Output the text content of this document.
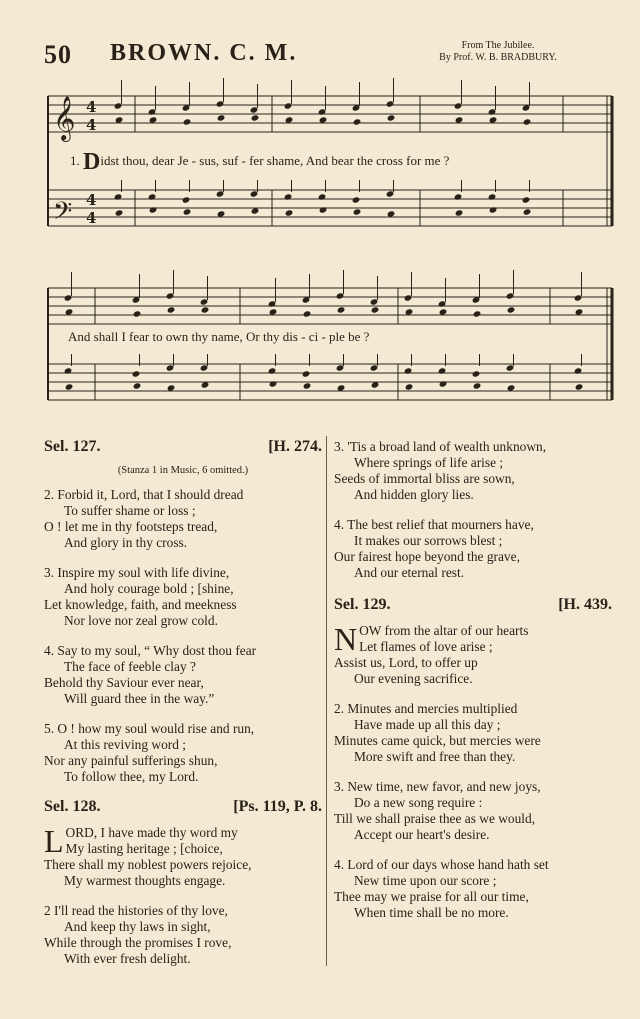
50 BROWN. C. M.	From The Jubilee.
By Prof. W. B. BRADBURY.
𝄞
𝄢
4
4
4
4
1. Didst thou, dear Je - sus, suf - fer shame, And bear the cross for me ?
And shall I fear to own thy name, Or thy dis - ci - ple be ?
Sel. 127.	[H. 274.
(Stanza 1 in Music, 6 omitted.)
2. Forbid it, Lord, that I should dread
To suffer shame or loss ;
O ! let me in thy footsteps tread,
And glory in thy cross.
3. Inspire my soul with life divine,
And holy courage bold ; [shine,
Let knowledge, faith, and meekness
Nor love nor zeal grow cold.
4. Say to my soul, “ Why dost thou fear
The face of feeble clay ?
Behold thy Saviour ever near,
Will guard thee in the way.”
5. O ! how my soul would rise and run,
At this reviving word ;
Nor any painful sufferings shun,
To follow thee, my Lord.
Sel. 128.	[Ps. 119, P. 8.
L ORD, I have made thy word my
My lasting heritage ; [choice,
There shall my noblest powers rejoice,
My warmest thoughts engage.
2 I'll read the histories of thy love,
And keep thy laws in sight,
While through the promises I rove,
With ever fresh delight.
3. 'Tis a broad land of wealth unknown,
Where springs of life arise ;
Seeds of immortal bliss are sown,
And hidden glory lies.
4. The best relief that mourners have,
It makes our sorrows blest ;
Our fairest hope beyond the grave,
And our eternal rest.
Sel. 129.	[H. 439.
N OW from the altar of our hearts
Let flames of love arise ;
Assist us, Lord, to offer up
Our evening sacrifice.
2. Minutes and mercies multiplied
Have made up all this day ;
Minutes came quick, but mercies were
More swift and free than they.
3. New time, new favor, and new joys,
Do a new song require :
Till we shall praise thee as we would,
Accept our heart's desire.
4. Lord of our days whose hand hath set
New time upon our score ;
Thee may we praise for all our time,
When time shall be no more.
